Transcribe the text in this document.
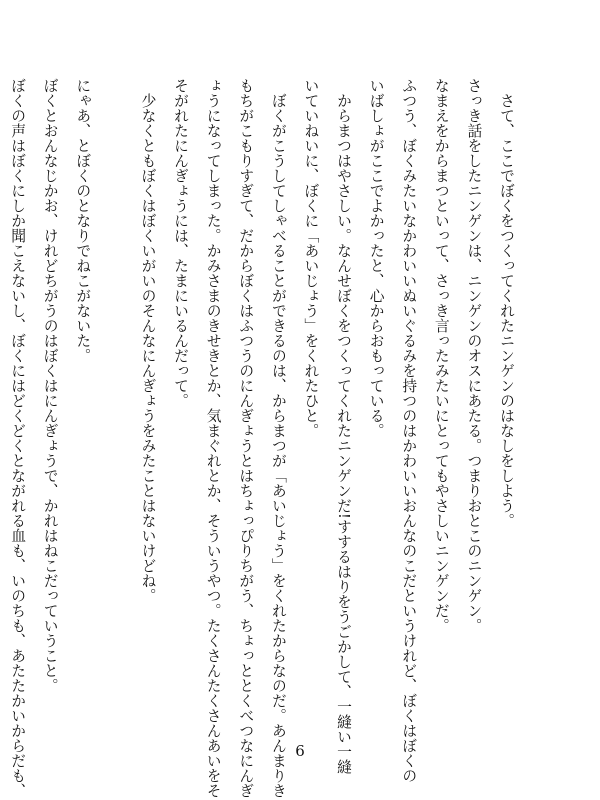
さて、ここでぼくをつくってくれたニンゲンのはなしをしよう。
さっき話をしたニンゲンは、ニンゲンのオスにあたる。つまりおとこのニンゲン。
なまえをからまつといって、さっき言ったみたいにとってもやさしいニンゲンだ。
ふつう、ぼくみたいなかわいいぬいぐるみを持つのはかわいいおんなのこだというけれど、ぼくはぼくの
いばしょがここでよかったと、心からおもっている。
からまつはやさしい。なんせぼくをつくってくれたニンゲンだ!すするはりをうごかして、一縫い一縫
いていねいに、ぼくに「あいじょう」をくれたひと。
ぼくがこうしてしゃべることができるのは、からまつが「あいじょう」をくれたからなのだ。あんまりき
もちがこもりすぎて、だからぼくはふつうのにんぎょうとはちょっぴりちがう、ちょっととくべつなにんぎ
ょうになってしまった。かみさまのきせきとか、気まぐれとか、そういうやつ。たくさんたくさんあいをそ
そがれたにんぎょうには、たまにいるんだって。
少なくともぼくはぼくいがいのそんなにんぎょうをみたことはないけどね。
にゃあ、とぼくのとなりでねこがないた。
ぼくとおんなじかお、けれどちがうのはぼくはにんぎょうで、かれはねこだっていうこと。
ぼくの声はぼくにしか聞こえないし、ぼくにはどくどくとながれる血も、いのちも、あたたかいからだも、	6
